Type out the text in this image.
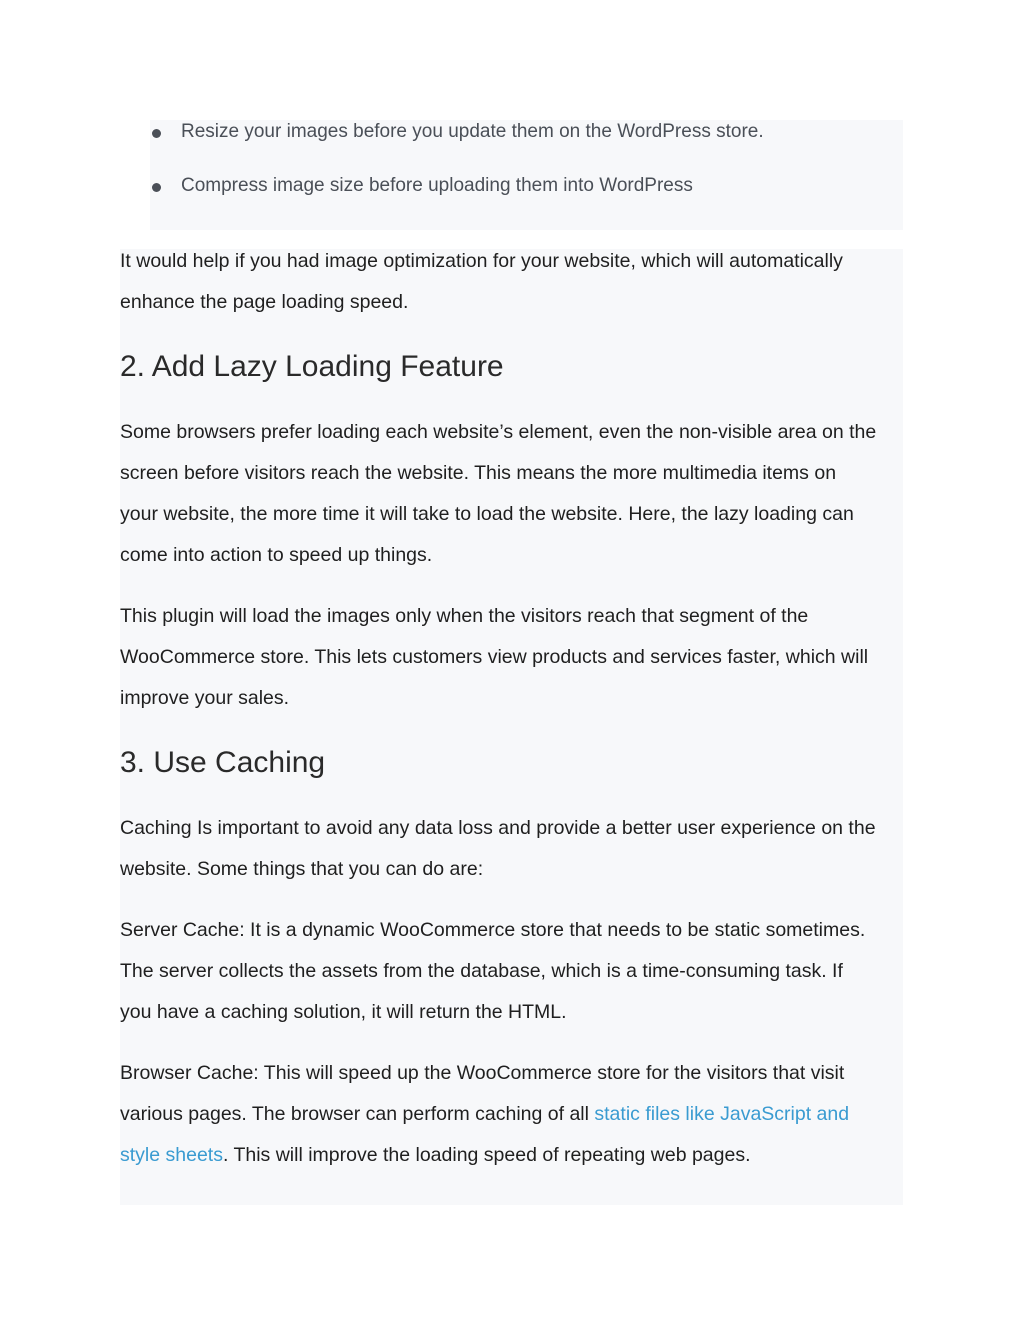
Resize your images before you update them on the WordPress store.
Compress image size before uploading them into WordPress
It would help if you had image optimization for your website, which will automatically
enhance the page loading speed.
2. Add Lazy Loading Feature
Some browsers prefer loading each website’s element, even the non-visible area on the
screen before visitors reach the website. This means the more multimedia items on
your website, the more time it will take to load the website. Here, the lazy loading can
come into action to speed up things.
This plugin will load the images only when the visitors reach that segment of the
WooCommerce store. This lets customers view products and services faster, which will
improve your sales.
3. Use Caching
Caching Is important to avoid any data loss and provide a better user experience on the
website. Some things that you can do are:
Server Cache: It is a dynamic WooCommerce store that needs to be static sometimes.
The server collects the assets from the database, which is a time-consuming task. If
you have a caching solution, it will return the HTML.
Browser Cache: This will speed up the WooCommerce store for the visitors that visit
various pages. The browser can perform caching of all static files like JavaScript and
style sheets. This will improve the loading speed of repeating web pages.
